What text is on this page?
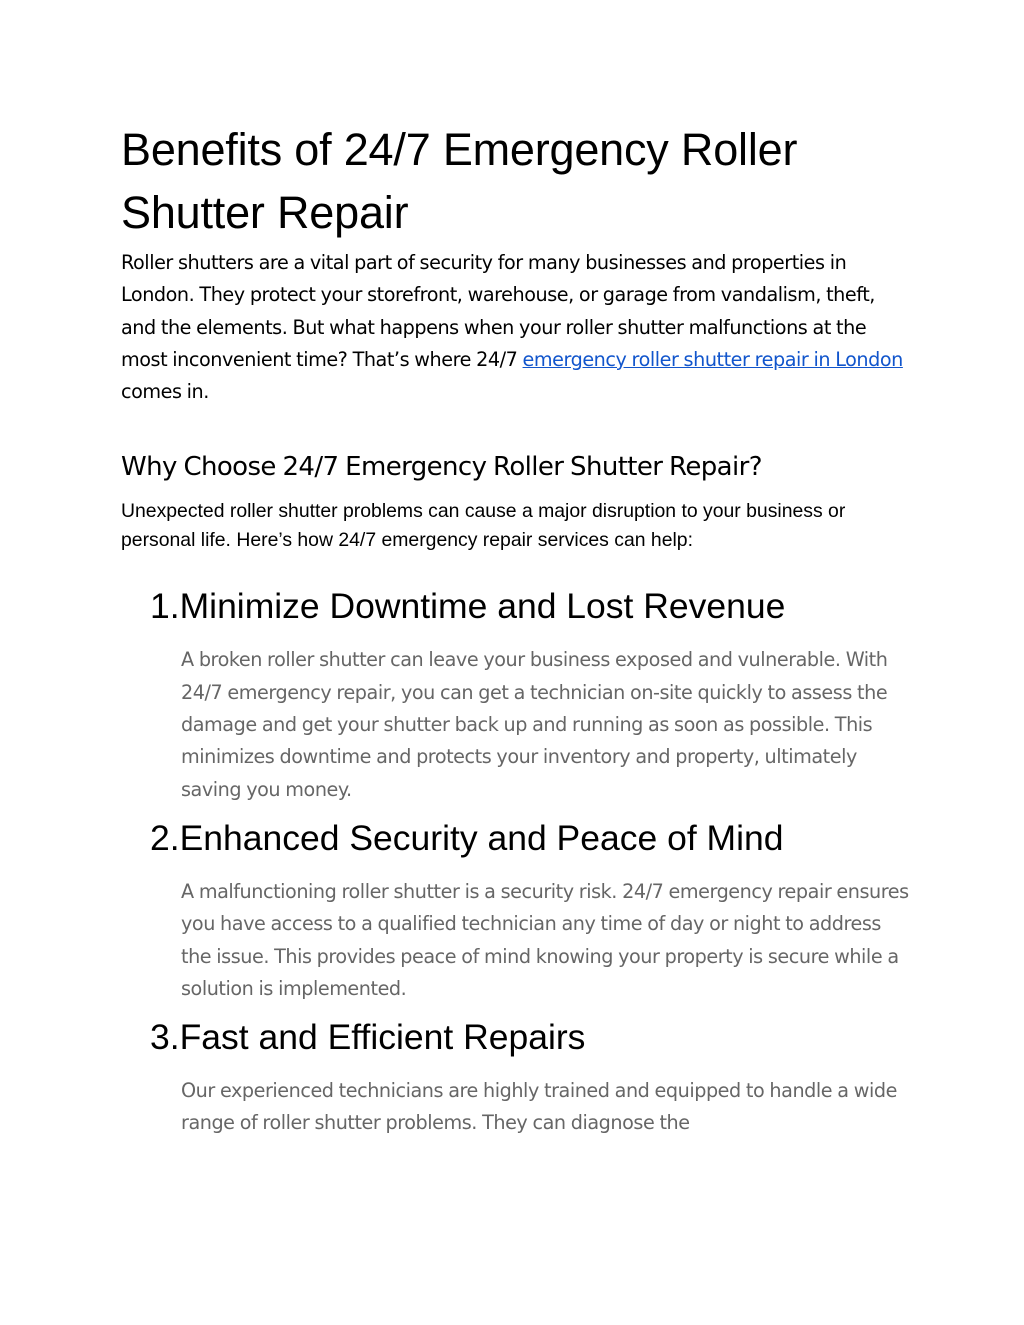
Benefits of 24/7 Emergency Roller Shutter Repair

Roller shutters are a vital part of security for many businesses and properties in London. They protect your storefront, warehouse, or garage from vandalism, theft, and the elements. But what happens when your roller shutter malfunctions at the most inconvenient time? That’s where 24/7 emergency roller shutter repair in London comes in.

Why Choose 24/7 Emergency Roller Shutter Repair?

Unexpected roller shutter problems can cause a major disruption to your business or personal life. Here’s how 24/7 emergency repair services can help:

1.Minimize Downtime and Lost Revenue

A broken roller shutter can leave your business exposed and vulnerable. With 24/7 emergency repair, you can get a technician on-site quickly to assess the damage and get your shutter back up and running as soon as possible. This minimizes downtime and protects your inventory and property, ultimately saving you money.

2.Enhanced Security and Peace of Mind

A malfunctioning roller shutter is a security risk. 24/7 emergency repair ensures you have access to a qualified technician any time of day or night to address the issue. This provides peace of mind knowing your property is secure while a solution is implemented.

3.Fast and Efficient Repairs

Our experienced technicians are highly trained and equipped to handle a wide range of roller shutter problems. They can diagnose the
